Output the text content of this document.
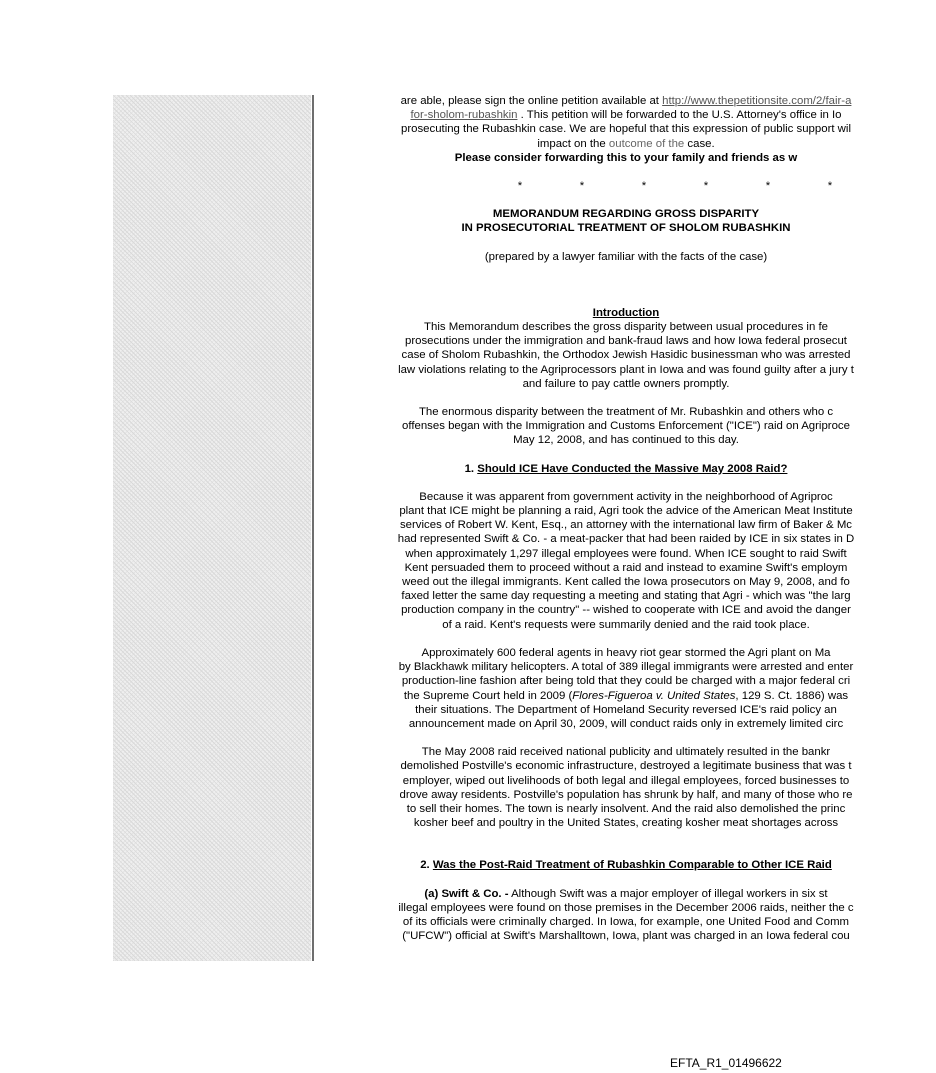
are able, please sign the online petition available at http://www.thepetitionsite.com/2/fair-a

for-sholom-rubashkin . This petition will be forwarded to the U.S. Attorney's office in Io

prosecuting the Rubashkin case. We are hopeful that this expression of public support wil

impact on the outcome of the case.

Please consider forwarding this to your family and friends as w

*	*	*	*	*	*

MEMORANDUM REGARDING GROSS DISPARITY

IN PROSECUTORIAL TREATMENT OF SHOLOM RUBASHKIN

(prepared by a lawyer familiar with the facts of the case)

Introduction

This Memorandum describes the gross disparity between usual procedures in fe

prosecutions under the immigration and bank-fraud laws and how Iowa federal prosecut

case of Sholom Rubashkin, the Orthodox Jewish Hasidic businessman who was arrested

law violations relating to the Agriprocessors plant in Iowa and was found guilty after a jury t

and failure to pay cattle owners promptly.

The enormous disparity between the treatment of Mr. Rubashkin and others who c

offenses began with the Immigration and Customs Enforcement ("ICE") raid on Agriproce

May 12, 2008, and has continued to this day.

1. Should ICE Have Conducted the Massive May 2008 Raid?

Because it was apparent from government activity in the neighborhood of Agriproc

plant that ICE might be planning a raid, Agri took the advice of the American Meat Institute

services of Robert W. Kent, Esq., an attorney with the international law firm of Baker & Mc

had represented Swift & Co. - a meat-packer that had been raided by ICE in six states in D

when approximately 1,297 illegal employees were found. When ICE sought to raid Swift

Kent persuaded them to proceed without a raid and instead to examine Swift's employm

weed out the illegal immigrants. Kent called the Iowa prosecutors on May 9, 2008, and fo

faxed letter the same day requesting a meeting and stating that Agri - which was "the larg

production company in the country" -- wished to cooperate with ICE and avoid the danger

of a raid. Kent's requests were summarily denied and the raid took place.

Approximately 600 federal agents in heavy riot gear stormed the Agri plant on Ma

by Blackhawk military helicopters. A total of 389 illegal immigrants were arrested and enter

production-line fashion after being told that they could be charged with a major federal cri

the Supreme Court held in 2009 (Flores-Figueroa v. United States, 129 S. Ct. 1886) was

their situations. The Department of Homeland Security reversed ICE's raid policy an

announcement made on April 30, 2009, will conduct raids only in extremely limited circ

The May 2008 raid received national publicity and ultimately resulted in the bankr

demolished Postville's economic infrastructure, destroyed a legitimate business that was t

employer, wiped out livelihoods of both legal and illegal employees, forced businesses to

drove away residents. Postville's population has shrunk by half, and many of those who re

to sell their homes. The town is nearly insolvent. And the raid also demolished the princ

kosher beef and poultry in the United States, creating kosher meat shortages across

2. Was the Post-Raid Treatment of Rubashkin Comparable to Other ICE Raid

(a) Swift & Co. - Although Swift was a major employer of illegal workers in six st

illegal employees were found on those premises in the December 2006 raids, neither the c

of its officials were criminally charged. In Iowa, for example, one United Food and Comm

("UFCW") official at Swift's Marshalltown, Iowa, plant was charged in an Iowa federal cou

EFTA_R1_01496622
